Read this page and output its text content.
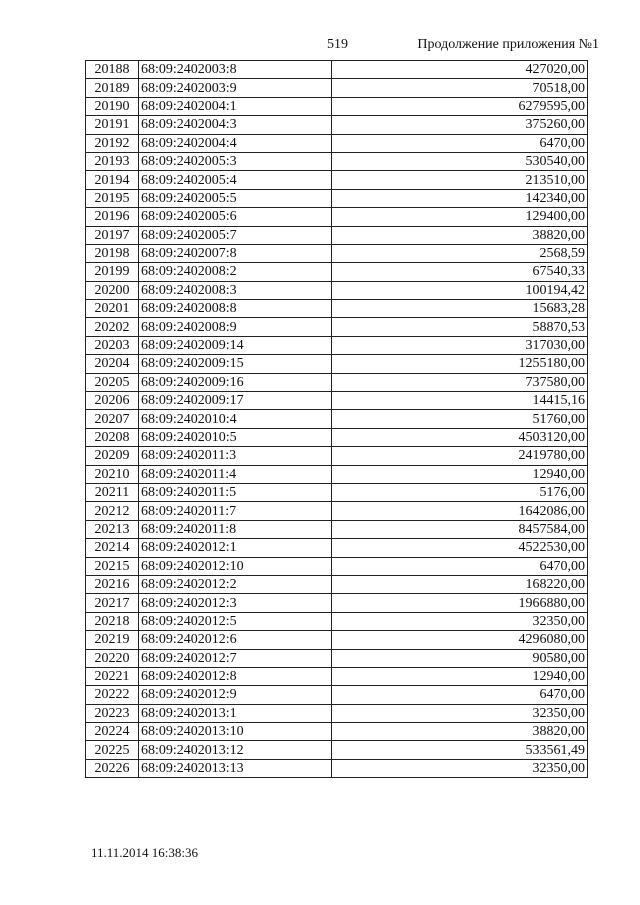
519	Продолжение приложения №1
20188	68:09:2402003:8	427020,00
20189	68:09:2402003:9	70518,00
20190	68:09:2402004:1	6279595,00
20191	68:09:2402004:3	375260,00
20192	68:09:2402004:4	6470,00
20193	68:09:2402005:3	530540,00
20194	68:09:2402005:4	213510,00
20195	68:09:2402005:5	142340,00
20196	68:09:2402005:6	129400,00
20197	68:09:2402005:7	38820,00
20198	68:09:2402007:8	2568,59
20199	68:09:2402008:2	67540,33
20200	68:09:2402008:3	100194,42
20201	68:09:2402008:8	15683,28
20202	68:09:2402008:9	58870,53
20203	68:09:2402009:14	317030,00
20204	68:09:2402009:15	1255180,00
20205	68:09:2402009:16	737580,00
20206	68:09:2402009:17	14415,16
20207	68:09:2402010:4	51760,00
20208	68:09:2402010:5	4503120,00
20209	68:09:2402011:3	2419780,00
20210	68:09:2402011:4	12940,00
20211	68:09:2402011:5	5176,00
20212	68:09:2402011:7	1642086,00
20213	68:09:2402011:8	8457584,00
20214	68:09:2402012:1	4522530,00
20215	68:09:2402012:10	6470,00
20216	68:09:2402012:2	168220,00
20217	68:09:2402012:3	1966880,00
20218	68:09:2402012:5	32350,00
20219	68:09:2402012:6	4296080,00
20220	68:09:2402012:7	90580,00
20221	68:09:2402012:8	12940,00
20222	68:09:2402012:9	6470,00
20223	68:09:2402013:1	32350,00
20224	68:09:2402013:10	38820,00
20225	68:09:2402013:12	533561,49
20226	68:09:2402013:13	32350,00
11.11.2014 16:38:36
